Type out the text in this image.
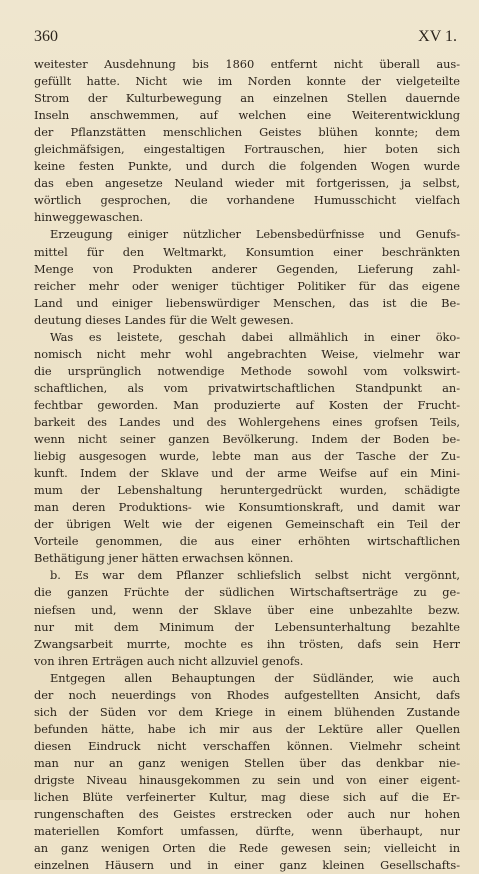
360	XV 1.
weitester Ausdehnung bis 1860 entfernt nicht überall aus-
gefüllt hatte. Nicht wie im Norden konnte der vielgeteilte
Strom der Kulturbewegung an einzelnen Stellen dauernde
Inseln anschwemmen, auf welchen eine Weiterentwicklung
der Pflanzstätten menschlichen Geistes blühen konnte; dem
gleichmäfsigen, eingestaltigen Fortrauschen, hier boten sich
keine festen Punkte, und durch die folgenden Wogen wurde
das eben angesetze Neuland wieder mit fortgerissen, ja selbst,
wörtlich gesprochen, die vorhandene Humusschicht vielfach
hinweggewaschen.
Erzeugung einiger nützlicher Lebensbedürfnisse und Genufs-
mittel für den Weltmarkt, Konsumtion einer beschränkten
Menge von Produkten anderer Gegenden, Lieferung zahl-
reicher mehr oder weniger tüchtiger Politiker für das eigene
Land und einiger liebenswürdiger Menschen, das ist die Be-
deutung dieses Landes für die Welt gewesen.
Was es leistete, geschah dabei allmählich in einer öko-
nomisch nicht mehr wohl angebrachten Weise, vielmehr war
die ursprünglich notwendige Methode sowohl vom volkswirt-
schaftlichen, als vom privatwirtschaftlichen Standpunkt an-
fechtbar geworden. Man produzierte auf Kosten der Frucht-
barkeit des Landes und des Wohlergehens eines grofsen Teils,
wenn nicht seiner ganzen Bevölkerung. Indem der Boden be-
liebig ausgesogen wurde, lebte man aus der Tasche der Zu-
kunft. Indem der Sklave und der arme Weifse auf ein Mini-
mum der Lebenshaltung heruntergedrückt wurden, schädigte
man deren Produktions- wie Konsumtionskraft, und damit war
der übrigen Welt wie der eigenen Gemeinschaft ein Teil der
Vorteile genommen, die aus einer erhöhten wirtschaftlichen
Bethätigung jener hätten erwachsen können.
b. Es war dem Pflanzer schliefslich selbst nicht vergönnt,
die ganzen Früchte der südlichen Wirtschaftserträge zu ge-
niefsen und, wenn der Sklave über eine unbezahlte bezw.
nur mit dem Minimum der Lebensunterhaltung bezahlte
Zwangsarbeit murrte, mochte es ihn trösten, dafs sein Herr
von ihren Erträgen auch nicht allzuviel genofs.
Entgegen allen Behauptungen der Südländer, wie auch
der noch neuerdings von Rhodes aufgestellten Ansicht, dafs
sich der Süden vor dem Kriege in einem blühenden Zustande
befunden hätte, habe ich mir aus der Lektüre aller Quellen
diesen Eindruck nicht verschaffen können. Vielmehr scheint
man nur an ganz wenigen Stellen über das denkbar nie-
drigste Niveau hinausgekommen zu sein und von einer eigent-
lichen Blüte verfeinerter Kultur, mag diese sich auf die Er-
rungenschaften des Geistes erstrecken oder auch nur hohen
materiellen Komfort umfassen, dürfte, wenn überhaupt, nur
an ganz wenigen Orten die Rede gewesen sein; vielleicht in
einzelnen Häusern und in einer ganz kleinen Gesellschafts-
